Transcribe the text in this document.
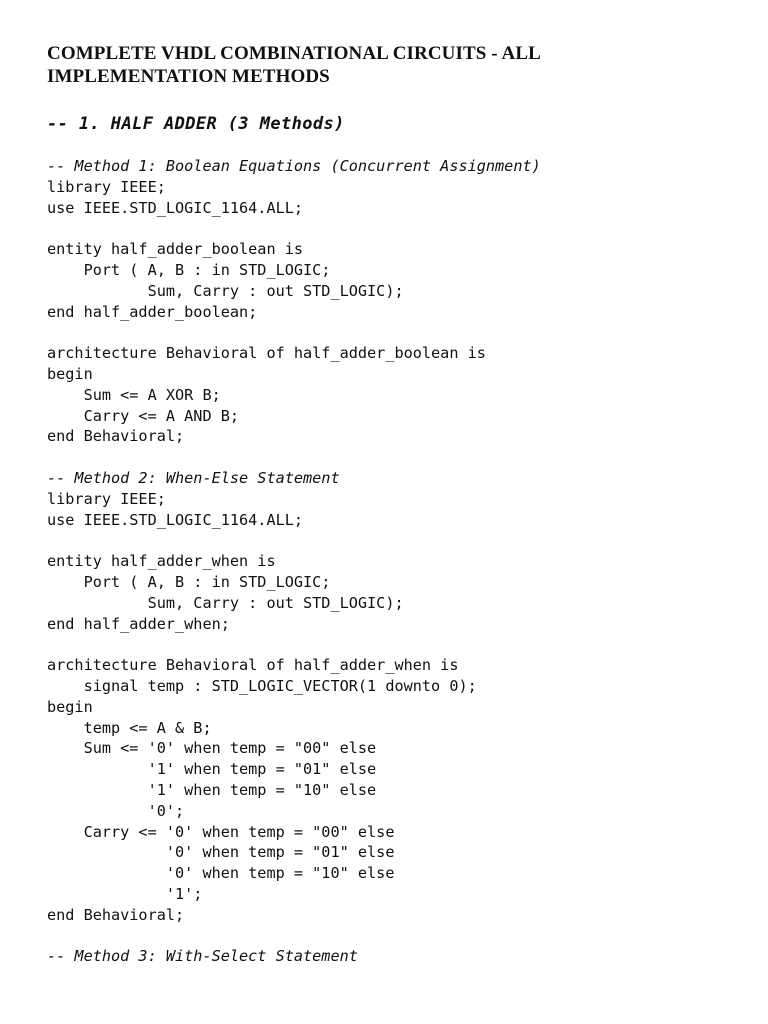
COMPLETE VHDL COMBINATIONAL CIRCUITS - ALL IMPLEMENTATION METHODS
-- 1. HALF ADDER (3 Methods)
-- Method 1: Boolean Equations (Concurrent Assignment)
library IEEE;
use IEEE.STD_LOGIC_1164.ALL;
entity half_adder_boolean is
Port ( A, B : in STD_LOGIC;
Sum, Carry : out STD_LOGIC);
end half_adder_boolean;
architecture Behavioral of half_adder_boolean is
begin
Sum <= A XOR B;
Carry <= A AND B;
end Behavioral;
-- Method 2: When-Else Statement
library IEEE;
use IEEE.STD_LOGIC_1164.ALL;
entity half_adder_when is
Port ( A, B : in STD_LOGIC;
Sum, Carry : out STD_LOGIC);
end half_adder_when;
architecture Behavioral of half_adder_when is
signal temp : STD_LOGIC_VECTOR(1 downto 0);
begin
temp <= A & B;
Sum <= '0' when temp = "00" else
'1' when temp = "01" else
'1' when temp = "10" else
'0';
Carry <= '0' when temp = "00" else
'0' when temp = "01" else
'0' when temp = "10" else
'1';
end Behavioral;
-- Method 3: With-Select Statement
